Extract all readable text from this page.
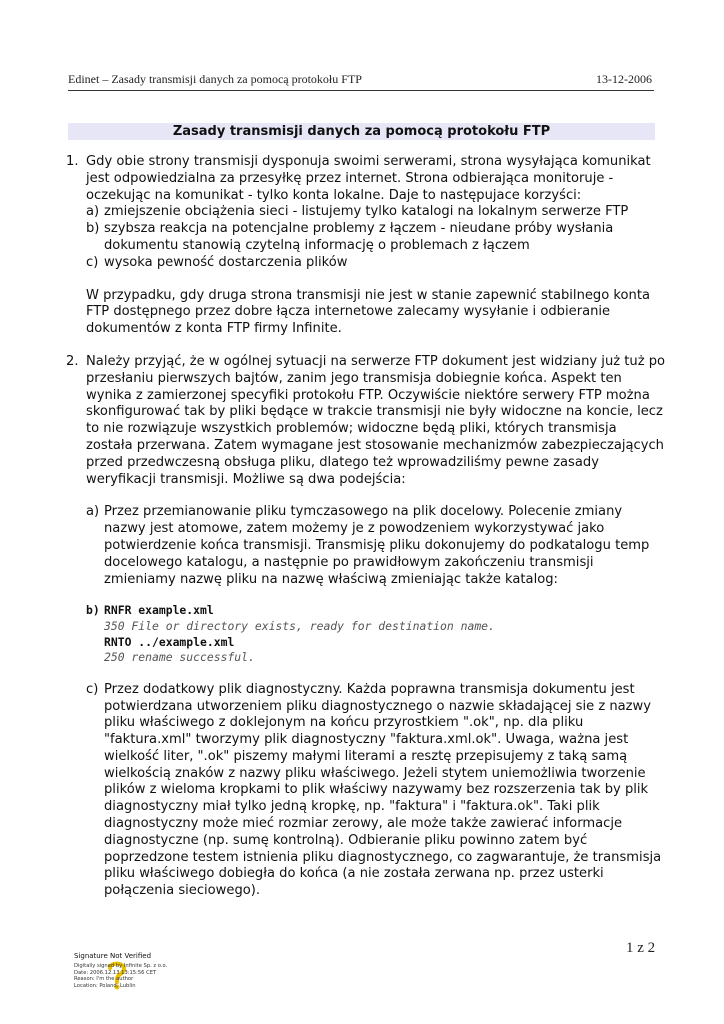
Edinet – Zasady transmisji danych za pomocą protokołu FTP	13-12-2006
Zasady transmisji danych za pomocą protokołu FTP
1. Gdy obie strony transmisji dysponuja swoimi serwerami, strona wysyłająca komunikat jest odpowiedzialna za przesyłkę przez internet. Strona odbierająca monitoruje - oczekując na komunikat - tylko konta lokalne. Daje to następujace korzyści:
a) zmiejszenie obciążenia sieci - listujemy tylko katalogi na lokalnym serwerze FTP
b) szybsza reakcja na potencjalne problemy z łączem - nieudane próby wysłania dokumentu stanowią czytelną informację o problemach z łączem
c) wysoka pewność dostarczenia plików
W przypadku, gdy druga strona transmisji nie jest w stanie zapewnić stabilnego konta FTP dostępnego przez dobre łącza internetowe zalecamy wysyłanie i odbieranie dokumentów z konta FTP firmy Infinite.
2. Należy przyjąć, że w ogólnej sytuacji na serwerze FTP dokument jest widziany już tuż po przesłaniu pierwszych bajtów, zanim jego transmisja dobiegnie końca. Aspekt ten wynika z zamierzonej specyfiki protokołu FTP. Oczywiście niektóre serwery FTP można skonfigurować tak by pliki będące w trakcie transmisji nie były widoczne na koncie, lecz to nie rozwiązuje wszystkich problemów; widoczne będą pliki, których transmisja została przerwana. Zatem wymagane jest stosowanie mechanizmów zabezpieczających przed przedwczesną obsługa pliku, dlatego też wprowadziliśmy pewne zasady weryfikacji transmisji. Możliwe są dwa podejścia:
a) Przez przemianowanie pliku tymczasowego na plik docelowy. Polecenie zmiany nazwy jest atomowe, zatem możemy je z powodzeniem wykorzystywać jako potwierdzenie końca transmisji. Transmisję pliku dokonujemy do podkatalogu temp docelowego katalogu, a następnie po prawidłowym zakończeniu transmisji zmieniamy nazwę pliku na nazwę właściwą zmieniając także katalog:
b) RNFR example.xml
350 File or directory exists, ready for destination name.
RNTO ../example.xml
250 rename successful.
c) Przez dodatkowy plik diagnostyczny. Każda poprawna transmisja dokumentu jest potwierdzana utworzeniem pliku diagnostycznego o nazwie składającej sie z nazwy pliku właściwego z doklejonym na końcu przyrostkiem ".ok", np. dla pliku "faktura.xml" tworzymy plik diagnostyczny "faktura.xml.ok". Uwaga, ważna jest wielkość liter, ".ok" piszemy małymi literami a resztę przepisujemy z taką samą wielkością znaków z nazwy pliku właściwego. Jeżeli stytem uniemożliwia tworzenie plików z wieloma kropkami to plik właściwy nazywamy bez rozszerzenia tak by plik diagnostyczny miał tylko jedną kropkę, np. "faktura" i "faktura.ok". Taki plik diagnostyczny może mieć rozmiar zerowy, ale może także zawierać informacje diagnostyczne (np. sumę kontrolną). Odbieranie pliku powinno zatem być poprzedzone testem istnienia pliku diagnostycznego, co zagwarantuje, że transmisja pliku właściwego dobiegła do końca (a nie została zerwana np. przez usterki połączenia sieciowego).
1 z 2
Signature Not Verified
Digitally signed by Infinite Sp. z o.o.
Date: 2006.12.13 13:15:56 CET
Reason: I'm the author
Location: Poland, Lublin
